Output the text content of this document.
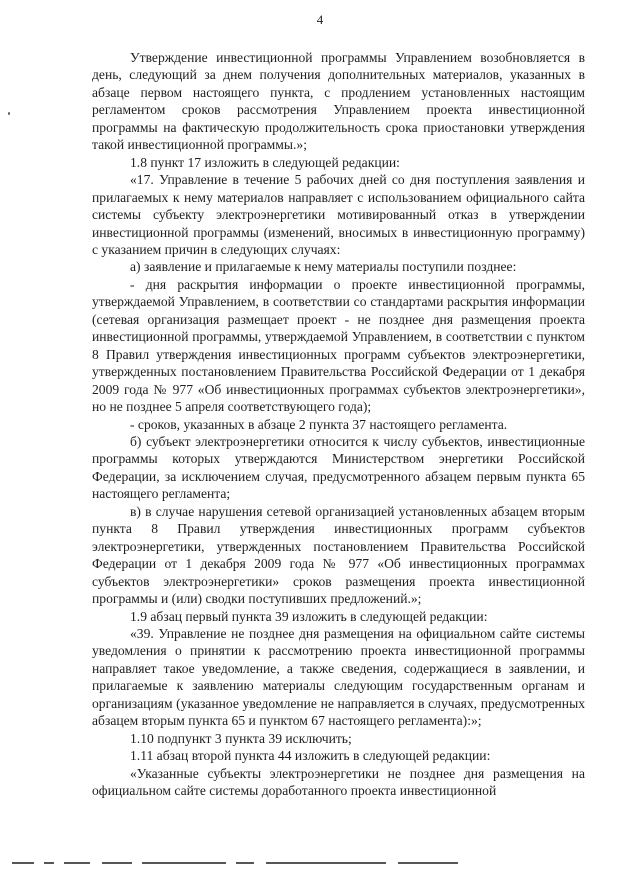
4

Утверждение инвестиционной программы Управлением возобновляется в день, следующий за днем получения дополнительных материалов, указанных в абзаце первом настоящего пункта, с продлением установленных настоящим регламентом сроков рассмотрения Управлением проекта инвестиционной программы на фактическую продолжительность срока приостановки утверждения такой инвестиционной программы.»;

1.8 пункт 17 изложить в следующей редакции:

«17. Управление в течение 5 рабочих дней со дня поступления заявления и прилагаемых к нему материалов направляет с использованием официального сайта системы субъекту электроэнергетики мотивированный отказ в утверждении инвестиционной программы (изменений, вносимых в инвестиционную программу) с указанием причин в следующих случаях:

а) заявление и прилагаемые к нему материалы поступили позднее:

- дня раскрытия информации о проекте инвестиционной программы, утверждаемой Управлением, в соответствии со стандартами раскрытия информации (сетевая организация размещает проект - не позднее дня размещения проекта инвестиционной программы, утверждаемой Управлением, в соответствии с пунктом 8 Правил утверждения инвестиционных программ субъектов электроэнергетики, утвержденных постановлением Правительства Российской Федерации от 1 декабря 2009 года № 977 «Об инвестиционных программах субъектов электроэнергетики», но не позднее 5 апреля соответствующего года);

- сроков, указанных в абзаце 2 пункта 37 настоящего регламента.

б) субъект электроэнергетики относится к числу субъектов, инвестиционные программы которых утверждаются Министерством энергетики Российской Федерации, за исключением случая, предусмотренного абзацем первым пункта 65 настоящего регламента;

в) в случае нарушения сетевой организацией установленных абзацем вторым пункта 8 Правил утверждения инвестиционных программ субъектов электроэнергетики, утвержденных постановлением Правительства Российской Федерации от 1 декабря 2009 года № 977 «Об инвестиционных программах субъектов электроэнергетики» сроков размещения проекта инвестиционной программы и (или) сводки поступивших предложений.»;

1.9 абзац первый пункта 39 изложить в следующей редакции:

«39. Управление не позднее дня размещения на официальном сайте системы уведомления о принятии к рассмотрению проекта инвестиционной программы направляет такое уведомление, а также сведения, содержащиеся в заявлении, и прилагаемые к заявлению материалы следующим государственным органам и организациям (указанное уведомление не направляется в случаях, предусмотренных абзацем вторым пункта 65 и пунктом 67 настоящего регламента):»;

1.10 подпункт 3 пункта 39 исключить;

1.11 абзац второй пункта 44 изложить в следующей редакции:

«Указанные субъекты электроэнергетики не позднее дня размещения на официальном сайте системы доработанного проекта инвестиционной
